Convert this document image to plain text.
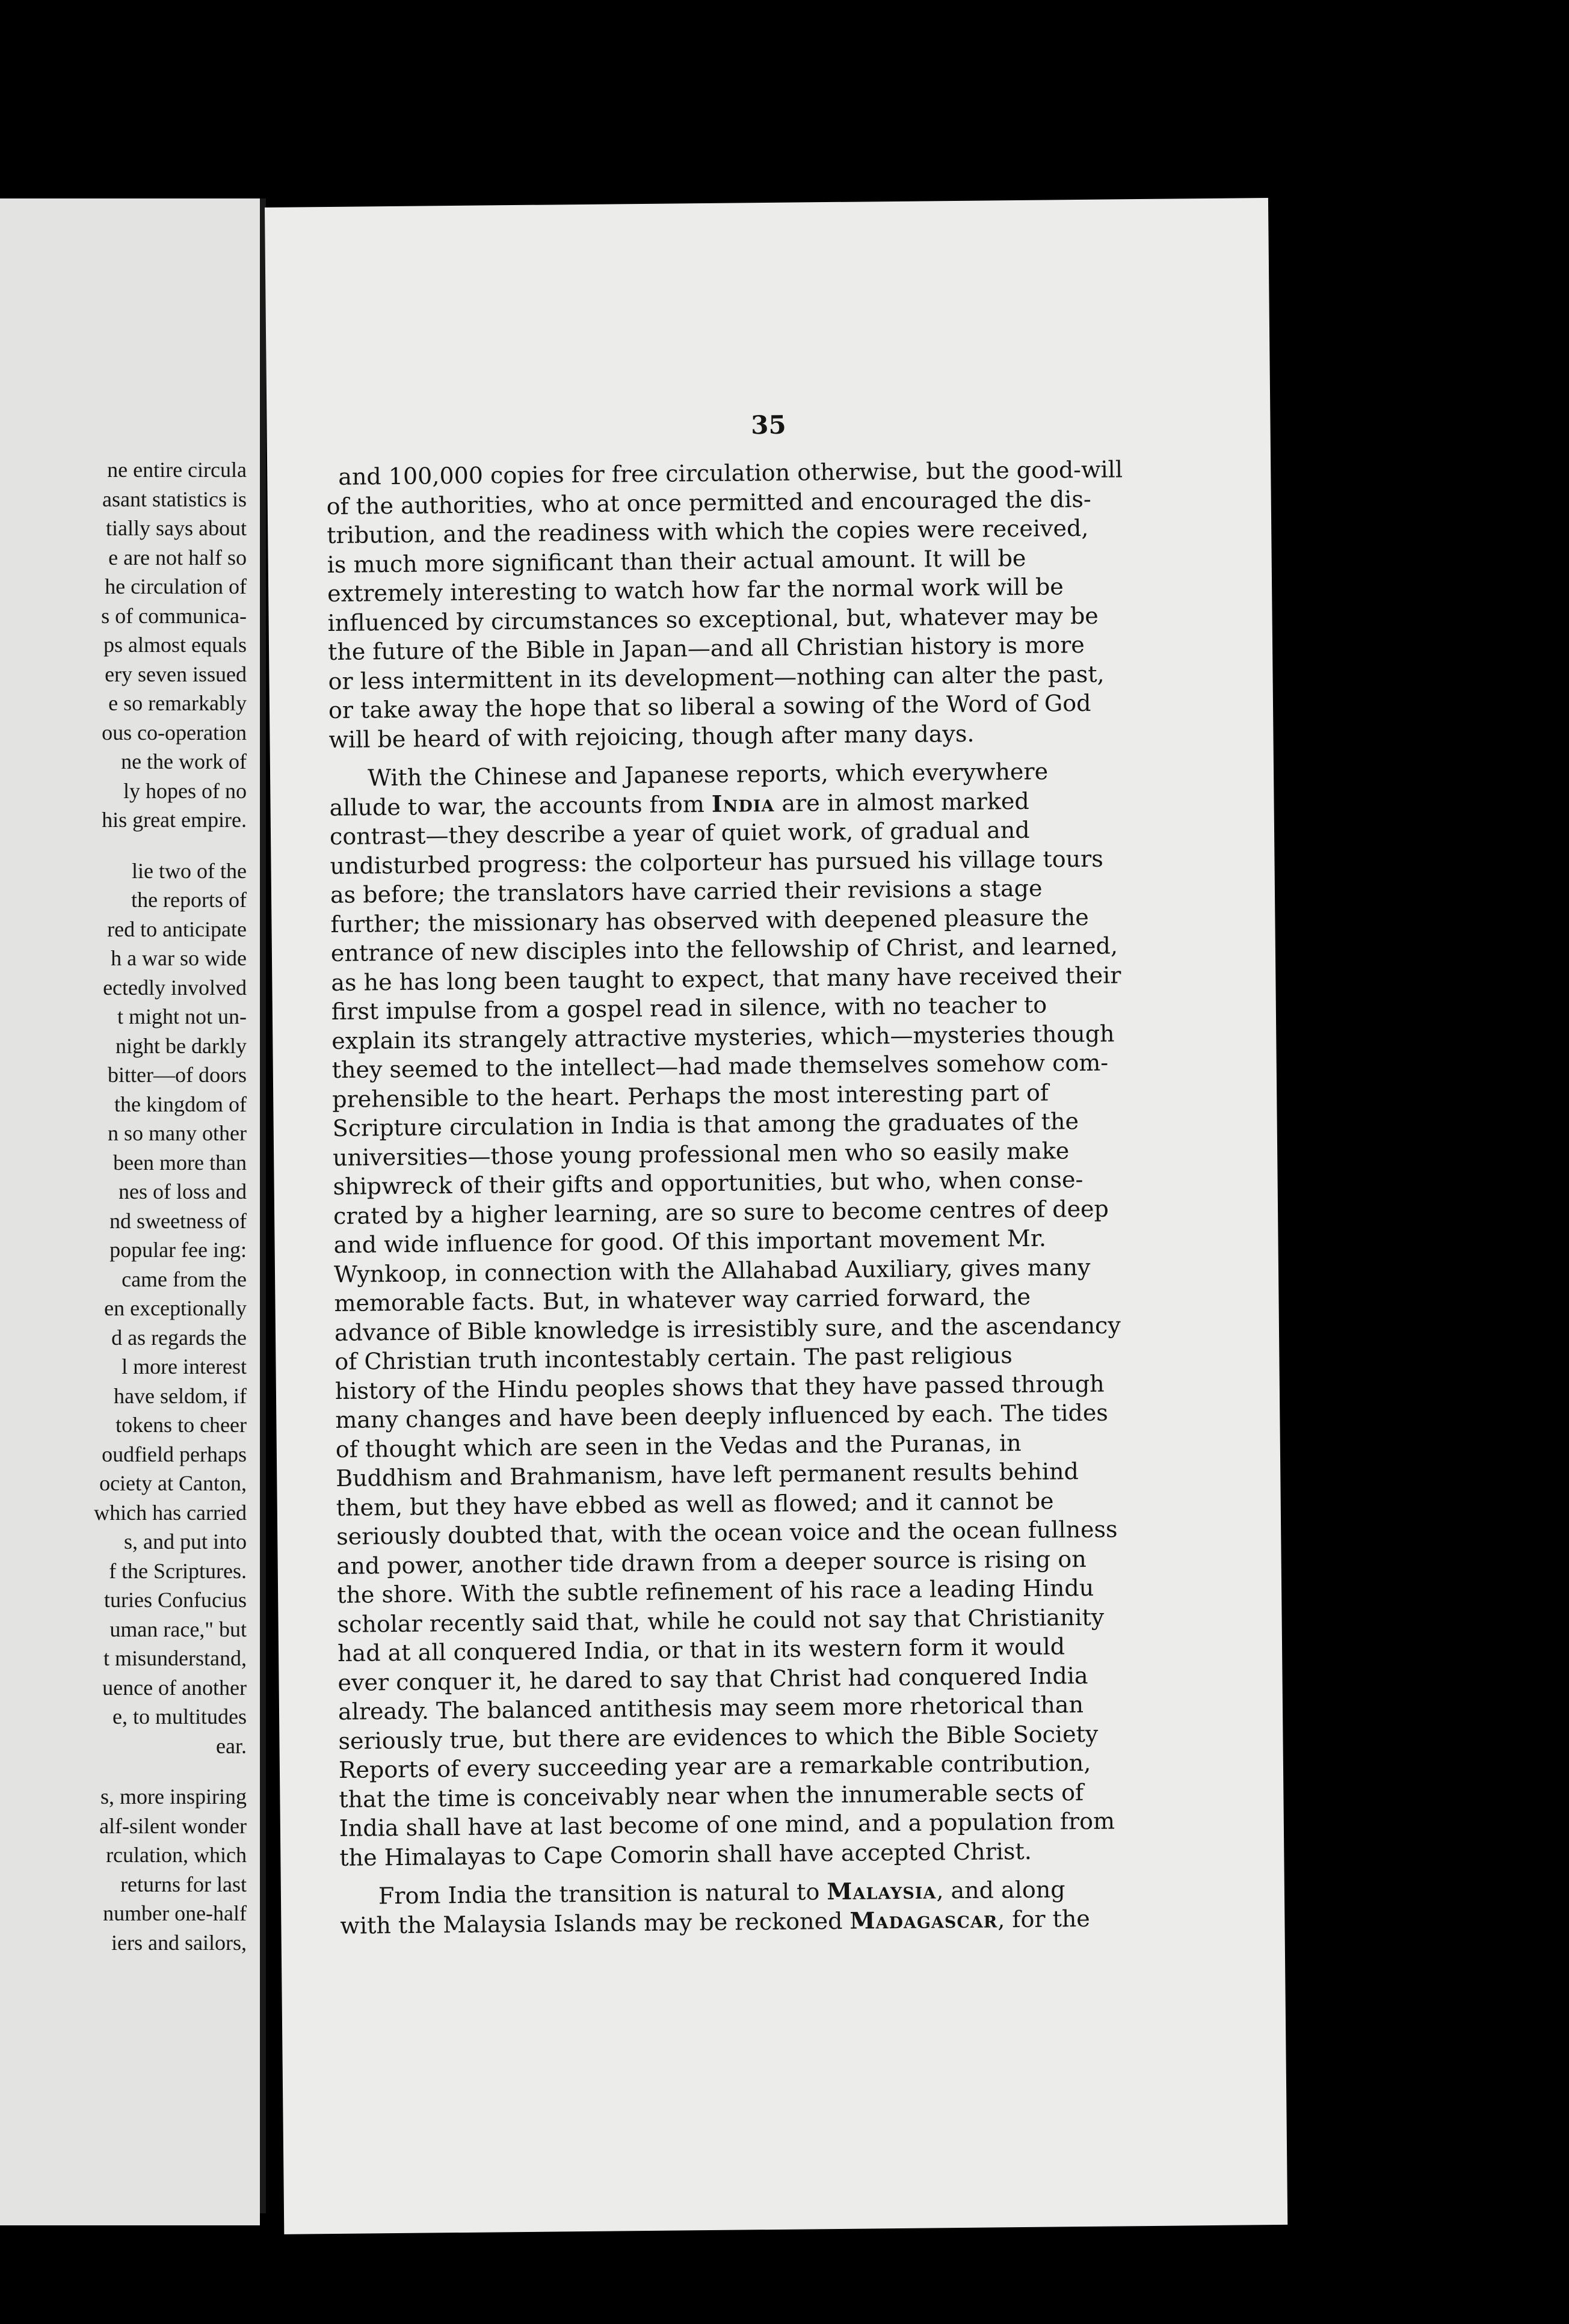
ne entire circula
asant statistics is
tially says about
e are not half so
he circulation of
s of communica-
ps almost equals
ery seven issued
e so remarkably
ous co-operation
ne the work of
ly hopes of no
his great empire.
lie two of the
the reports of
red to anticipate
h a war so wide
ectedly involved
t might not un-
night be darkly
bitter—of doors
the kingdom of
n so many other
been more than
nes of loss and
nd sweetness of
popular fee ing:
came from the
en exceptionally
d as regards the
l more interest
have seldom, if
tokens to cheer
oudfield perhaps
ociety at Canton,
which has carried
s, and put into
f the Scriptures.
turies Confucius
uman race," but
t misunderstand,
uence of another
e, to multitudes
ear.
s, more inspiring
alf-silent wonder
rculation, which
returns for last
number one-half
iers and sailors,
35
and 100,000 copies for free circulation otherwise, but the good-will
of the authorities, who at once permitted and encouraged the dis-
tribution, and the readiness with which the copies were received,
is much more significant than their actual amount. It will be
extremely interesting to watch how far the normal work will be
influenced by circumstances so exceptional, but, whatever may be
the future of the Bible in Japan—and all Christian history is more
or less intermittent in its development—nothing can alter the past,
or take away the hope that so liberal a sowing of the Word of God
will be heard of with rejoicing, though after many days.
With the Chinese and Japanese reports, which everywhere
allude to war, the accounts from India are in almost marked
contrast—they describe a year of quiet work, of gradual and
undisturbed progress: the colporteur has pursued his village tours
as before; the translators have carried their revisions a stage
further; the missionary has observed with deepened pleasure the
entrance of new disciples into the fellowship of Christ, and learned,
as he has long been taught to expect, that many have received their
first impulse from a gospel read in silence, with no teacher to
explain its strangely attractive mysteries, which—mysteries though
they seemed to the intellect—had made themselves somehow com-
prehensible to the heart. Perhaps the most interesting part of
Scripture circulation in India is that among the graduates of the
universities—those young professional men who so easily make
shipwreck of their gifts and opportunities, but who, when conse-
crated by a higher learning, are so sure to become centres of deep
and wide influence for good. Of this important movement Mr.
Wynkoop, in connection with the Allahabad Auxiliary, gives many
memorable facts. But, in whatever way carried forward, the
advance of Bible knowledge is irresistibly sure, and the ascendancy
of Christian truth incontestably certain. The past religious
history of the Hindu peoples shows that they have passed through
many changes and have been deeply influenced by each. The tides
of thought which are seen in the Vedas and the Puranas, in
Buddhism and Brahmanism, have left permanent results behind
them, but they have ebbed as well as flowed; and it cannot be
seriously doubted that, with the ocean voice and the ocean fullness
and power, another tide drawn from a deeper source is rising on
the shore. With the subtle refinement of his race a leading Hindu
scholar recently said that, while he could not say that Christianity
had at all conquered India, or that in its western form it would
ever conquer it, he dared to say that Christ had conquered India
already. The balanced antithesis may seem more rhetorical than
seriously true, but there are evidences to which the Bible Society
Reports of every succeeding year are a remarkable contribution,
that the time is conceivably near when the innumerable sects of
India shall have at last become of one mind, and a population from
the Himalayas to Cape Comorin shall have accepted Christ.
From India the transition is natural to Malaysia, and along
with the Malaysia Islands may be reckoned Madagascar, for the
